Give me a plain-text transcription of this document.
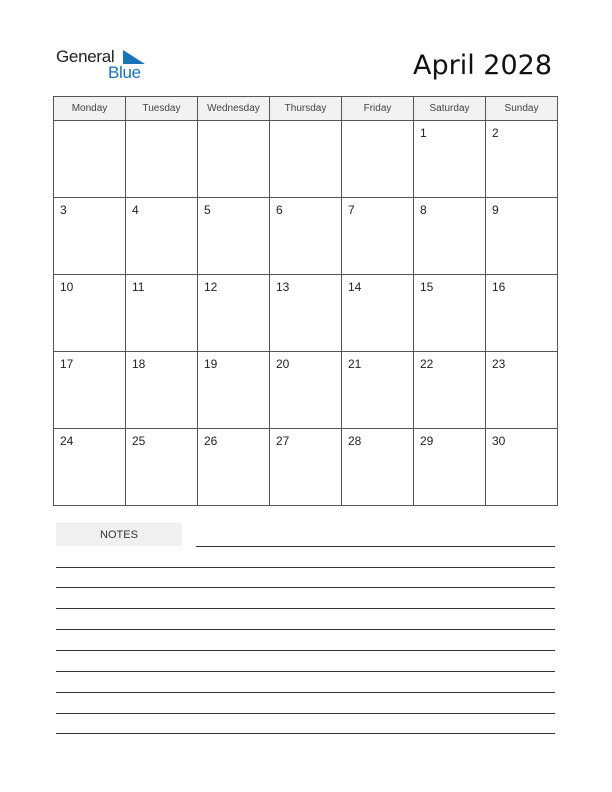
General
Blue	April 2028
Monday	Tuesday	Wednesday	Thursday	Friday	Saturday	Sunday
					1	2
3	4	5	6	7	8	9
10	11	12	13	14	15	16
17	18	19	20	21	22	23
24	25	26	27	28	29	30
NOTES
